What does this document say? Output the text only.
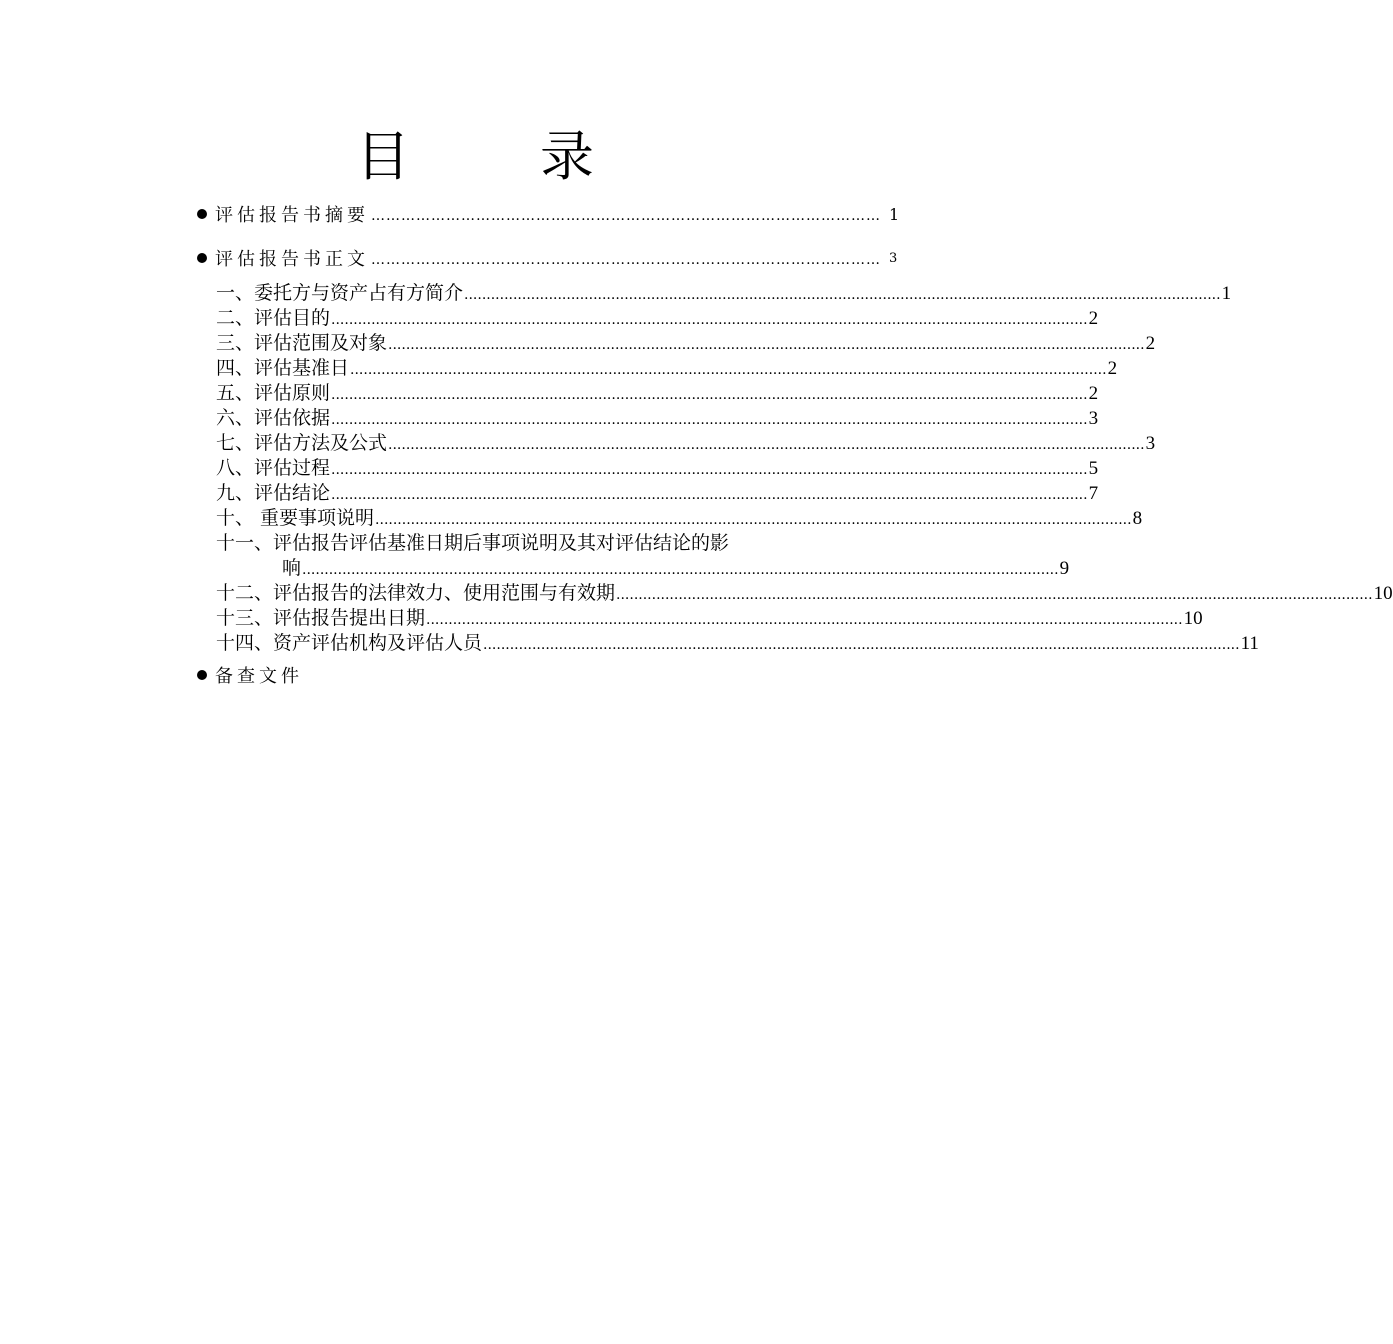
目 录
评估报告书摘要 ………………………………………………………………………………………… 1
评估报告书正文 ………………………………………………………………………………………… 3
一、委托方与资产占有方简介 .......................................................................................................................................................................... 1
二、评估目的 .......................................................................................................................................................................... 2
三、评估范围及对象 .......................................................................................................................................................................... 2
四、评估基准日 .......................................................................................................................................................................... 2
五、评估原则 .......................................................................................................................................................................... 2
六、评估依据 .......................................................................................................................................................................... 3
七、评估方法及公式 .......................................................................................................................................................................... 3
八、评估过程 .......................................................................................................................................................................... 5
九、评估结论 .......................................................................................................................................................................... 7
十、 重要事项说明 .......................................................................................................................................................................... 8
十一、评估报告评估基准日期后事项说明及其对评估结论的影
响 .......................................................................................................................................................................... 9
十二、评估报告的法律效力、使用范围与有效期 .......................................................................................................................................................................... 10
十三、评估报告提出日期 .......................................................................................................................................................................... 10
十四、资产评估机构及评估人员 .......................................................................................................................................................................... 11
备查文件
